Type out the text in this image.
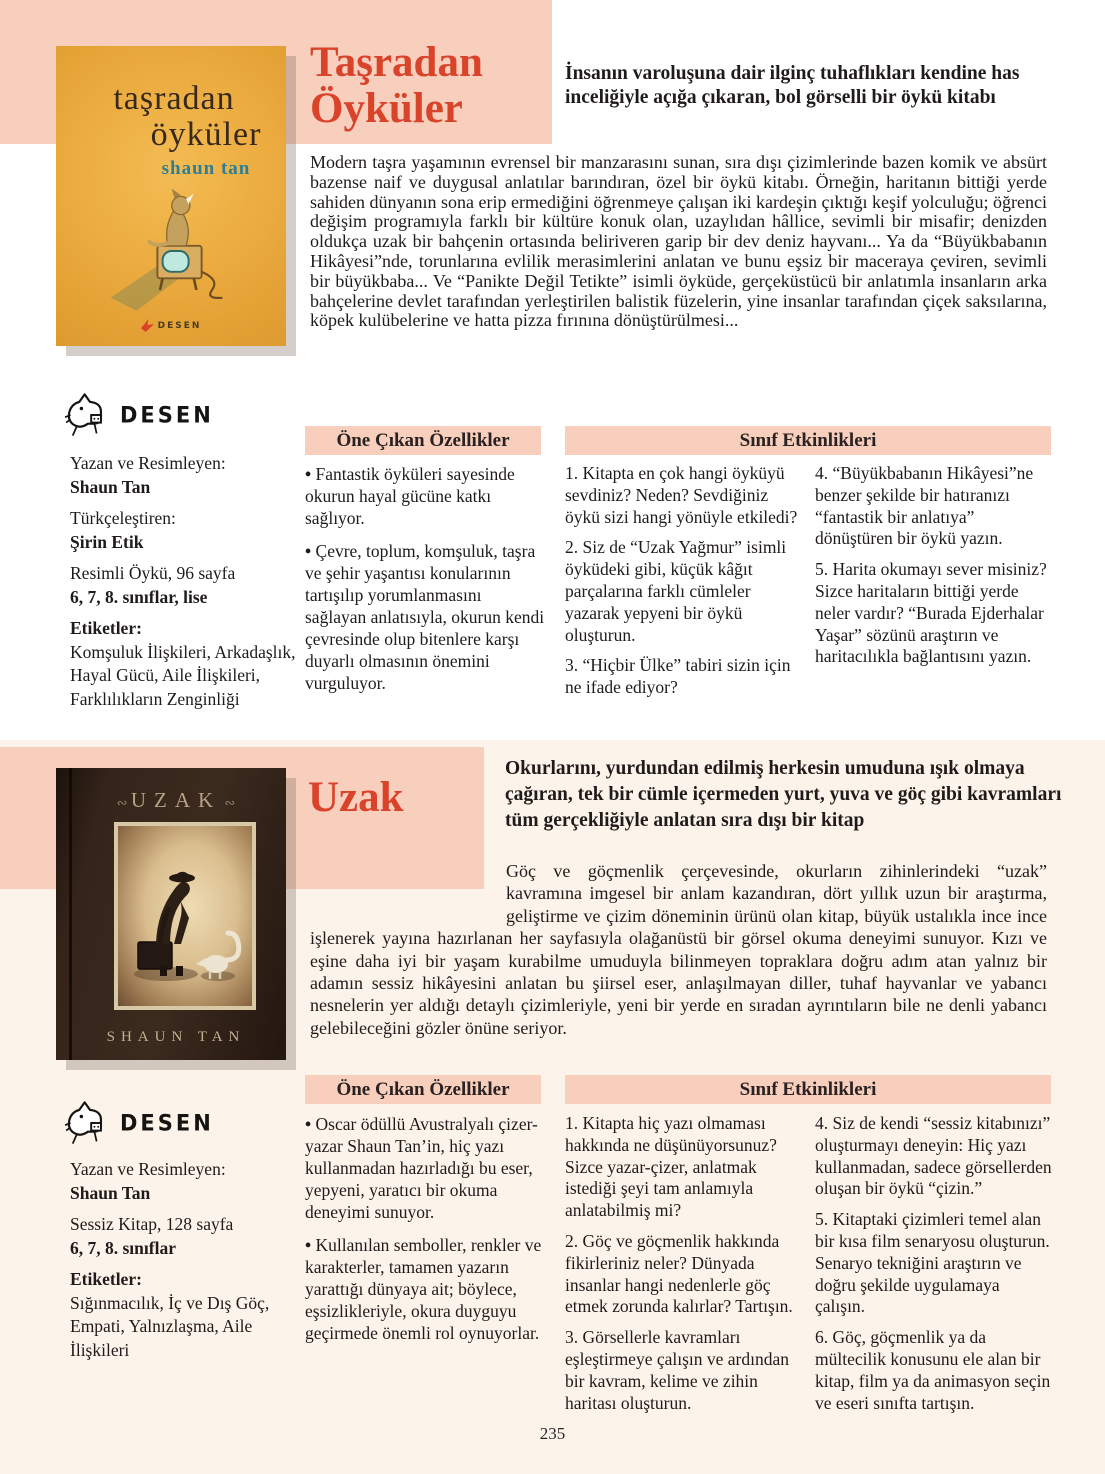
taşradan
öyküler
shaun tan
DESEN
Taşradan Öyküler
İnsanın varoluşuna dair ilginç tuhaflıkları kendine has inceliğiyle açığa çıkaran, bol görselli bir öykü kitabı
Modern taşra yaşamının evrensel bir manzarasını sunan, sıra dışı çizimlerinde bazen komik ve absürt bazense naif ve duygusal anlatılar barındıran, özel bir öykü kitabı. Örneğin, haritanın bittiği yerde sahiden dünyanın sona erip ermediğini öğrenmeye çalışan iki kardeşin çıktığı keşif yolculuğu; öğrenci değişim programıyla farklı bir kültüre konuk olan, uzaylıdan hâllice, sevimli bir misafir; denizden oldukça uzak bir bahçenin ortasında beliriveren garip bir dev deniz hayvanı... Ya da “Büyükbabanın Hikâyesi”nde, torunlarına evlilik merasimlerini anlatan ve bunu eşsiz bir maceraya çeviren, sevimli bir büyükbaba... Ve “Panikte Değil Tetikte” isimli öyküde, gerçeküstücü bir anlatımla insanların arka bahçelerine devlet tarafından yerleştirilen balistik füzelerin, yine insanlar tarafından çiçek saksılarına, köpek kulübelerine ve hatta pizza fırınına dönüştürülmesi...
DESEN
Yazan ve Resimleyen:
Shaun Tan
Türkçeleştiren:
Şirin Etik
Resimli Öykü, 96 sayfa
6, 7, 8. sınıflar, lise
Etiketler:
Komşuluk İlişkileri, Arkadaşlık, Hayal Gücü, Aile İlişkileri, Farklılıkların Zenginliği
Öne Çıkan Özellikler	Sınıf Etkinlikleri
• Fantastik öyküleri sayesinde okurun hayal gücüne katkı sağlıyor.
• Çevre, toplum, komşuluk, taşra ve şehir yaşantısı konularının tartışılıp yorumlanmasını sağlayan anlatısıyla, okurun kendi çevresinde olup bitenlere karşı duyarlı olmasının önemini vurguluyor.

1. Kitapta en çok hangi öyküyü sevdiniz? Neden? Sevdiğiniz öykü sizi hangi yönüyle etkiledi?

2. Siz de “Uzak Yağmur” isimli öyküdeki gibi, küçük kâğıt parçalarına farklı cümleler yazarak yepyeni bir öykü oluşturun.

3. “Hiçbir Ülke” tabiri sizin için ne ifade ediyor?

4. “Büyükbabanın Hikâyesi”ne benzer şekilde bir hatıranızı “fantastik bir anlatıya” dönüştüren bir öykü yazın.

5. Harita okumayı sever misiniz? Sizce haritaların bittiği yerde neler vardır? “Burada Ejderhalar Yaşar” sözünü araştırın ve haritacılıkla bağlantısını yazın.

∾ UZAK ∾
SHAUN TAN
Uzak
Okurlarını, yurdundan edilmiş herkesin umuduna ışık olmaya çağıran, tek bir cümle içermeden yurt, yuva ve göç gibi kavramları tüm gerçekliğiyle anlatan sıra dışı bir kitap
Göç ve göçmenlik çerçevesinde, okurların zihinlerindeki “uzak” kavramına imgesel bir anlam kazandıran, dört yıllık uzun bir araştırma, geliştirme ve çizim döneminin ürünü olan kitap, büyük ustalıkla ince ince işlenerek yayına hazırlanan her sayfasıyla olağanüstü bir görsel okuma deneyimi sunuyor. Kızı ve eşine daha iyi bir yaşam kurabilme umuduyla bilinmeyen topraklara doğru adım atan yalnız bir adamın sessiz hikâyesini anlatan bu şiirsel eser, anlaşılmayan diller, tuhaf hayvanlar ve yabancı nesnelerin yer aldığı detaylı çizimleriyle, yeni bir yerde en sıradan ayrıntıların bile ne denli yabancı gelebileceğini gözler önüne seriyor.
DESEN
Yazan ve Resimleyen:
Shaun Tan
Sessiz Kitap, 128 sayfa
6, 7, 8. sınıflar
Etiketler:
Sığınmacılık, İç ve Dış Göç, Empati, Yalnızlaşma, Aile İlişkileri
Öne Çıkan Özellikler	Sınıf Etkinlikleri
• Oscar ödüllü Avustralyalı çizer-yazar Shaun Tan’in, hiç yazı kullanmadan hazırladığı bu eser, yepyeni, yaratıcı bir okuma deneyimi sunuyor.
• Kullanılan semboller, renkler ve karakterler, tamamen yazarın yarattığı dünyaya ait; böylece, eşsizlikleriyle, okura duyguyu geçirmede önemli rol oynuyorlar.

1. Kitapta hiç yazı olmaması hakkında ne düşünüyorsunuz? Sizce yazar-çizer, anlatmak istediği şeyi tam anlamıyla anlatabilmiş mi?

2. Göç ve göçmenlik hakkında fikirleriniz neler? Dünyada insanlar hangi nedenlerle göç etmek zorunda kalırlar? Tartışın.

3. Görsellerle kavramları eşleştirmeye çalışın ve ardından bir kavram, kelime ve zihin haritası oluşturun.

4. Siz de kendi “sessiz kitabınızı” oluşturmayı deneyin: Hiç yazı kullanmadan, sadece görsellerden oluşan bir öykü “çizin.”

5. Kitaptaki çizimleri temel alan bir kısa film senaryosu oluşturun. Senaryo tekniğini araştırın ve doğru şekilde uygulamaya çalışın.

6. Göç, göçmenlik ya da mültecilik konusunu ele alan bir kitap, film ya da animasyon seçin ve eseri sınıfta tartışın.

235
